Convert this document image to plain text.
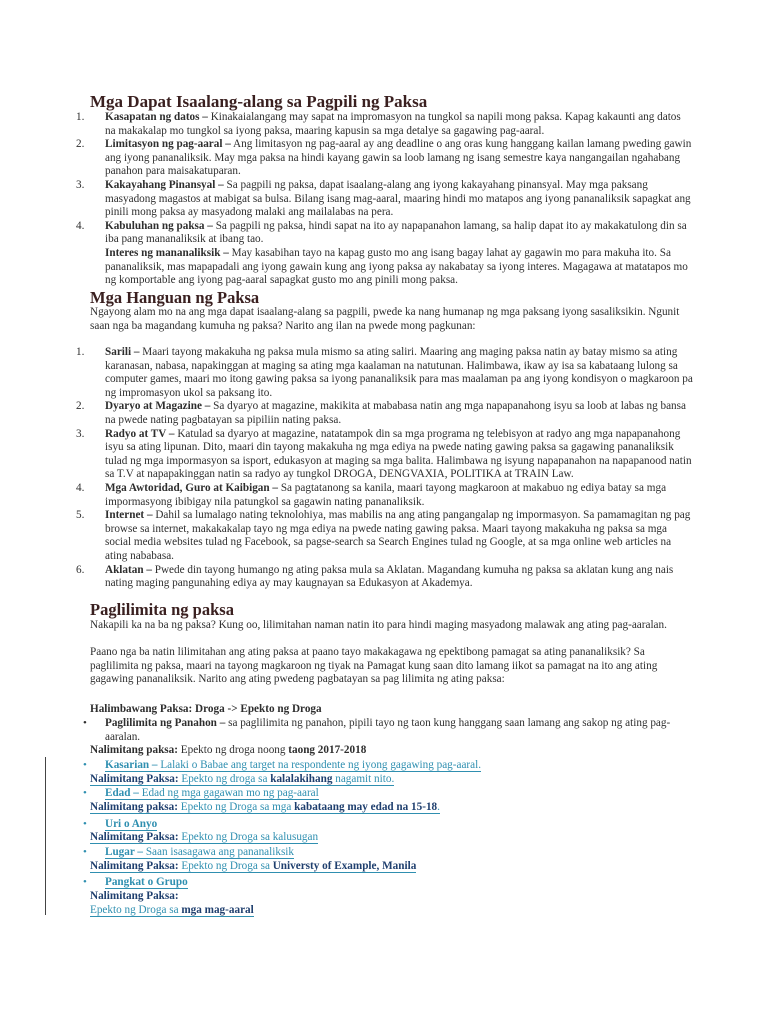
Mga Dapat Isaalang-alang sa Pagpili ng Paksa
1.	Kasapatan ng datos – Kinakaialangang may sapat na impromasyon na tungkol sa napili mong paksa. Kapag kakaunti ang datos na makakalap mo tungkol sa iyong paksa, maaring kapusin sa mga detalye sa gagawing pag-aaral.
2.	Limitasyon ng pag-aaral – Ang limitasyon ng pag-aaral ay ang deadline o ang oras kung hanggang kailan lamang pweding gawin ang iyong pananaliksik. May mga paksa na hindi kayang gawin sa loob lamang ng isang semestre kaya nangangailan ngahabang panahon para maisakatuparan.
3.	Kakayahang Pinansyal – Sa pagpili ng paksa, dapat isaalang-alang ang iyong kakayahang pinansyal. May mga paksang masyadong magastos at mabigat sa bulsa. Bilang isang mag-aaral, maaring hindi mo matapos ang iyong pananaliksik sapagkat ang pinili mong paksa ay masyadong malaki ang mailalabas na pera.
4.	Kabuluhan ng paksa – Sa pagpili ng paksa, hindi sapat na ito ay napapanahon lamang, sa halip dapat ito ay makakatulong din sa iba pang mananaliksik at ibang tao.
Interes ng mananaliksik – May kasabihan tayo na kapag gusto mo ang isang bagay lahat ay gagawin mo para makuha ito. Sa pananaliksik, mas mapapadali ang iyong gawain kung ang iyong paksa ay nakabatay sa iyong interes. Magagawa at matatapos mo ng komportable ang iyong pag-aaral sapagkat gusto mo ang pinili mong paksa.
Mga Hanguan ng Paksa

Ngayong alam mo na ang mga dapat isaalang-alang sa pagpili, pwede ka nang humanap ng mga paksang iyong sasaliksikin. Ngunit saan nga ba magandang kumuha ng paksa? Narito ang ilan na pwede mong pagkunan:

1.	Sarili – Maari tayong makakuha ng paksa mula mismo sa ating saliri. Maaring ang maging paksa natin ay batay mismo sa ating karanasan, nabasa, napakinggan at maging sa ating mga kaalaman na natutunan. Halimbawa, ikaw ay isa sa kabataang lulong sa computer games, maari mo itong gawing paksa sa iyong pananaliksik para mas maalaman pa ang iyong kondisyon o magkaroon pa ng impromasyon ukol sa paksang ito.
2.	Dyaryo at Magazine – Sa dyaryo at magazine, makikita at mababasa natin ang mga napapanahong isyu sa loob at labas ng bansa na pwede nating pagbatayan sa pipiliin nating paksa.
3.	Radyo at TV – Katulad sa dyaryo at magazine, natatampok din sa mga programa ng telebisyon at radyo ang mga napapanahong isyu sa ating lipunan. Dito, maari din tayong makakuha ng mga ediya na pwede nating gawing paksa sa gagawing pananaliksik tulad ng mga impormasyon sa isport, edukasyon at maging sa mga balita. Halimbawa ng isyung napapanahon na napapanood natin sa T.V at napapakinggan natin sa radyo ay tungkol DROGA, DENGVAXIA, POLITIKA at TRAIN Law.
4.	Mga Awtoridad, Guro at Kaibigan – Sa pagtatanong sa kanila, maari tayong magkaroon at makabuo ng ediya batay sa mga impormasyong ibibigay nila patungkol sa gagawin nating pananaliksik.
5.	Internet – Dahil sa lumalago nating teknolohiya, mas mabilis na ang ating pangangalap ng impormasyon. Sa pamamagitan ng pag browse sa internet, makakakalap tayo ng mga ediya na pwede nating gawing paksa. Maari tayong makakuha ng paksa sa mga social media websites tulad ng Facebook, sa pagse-search sa Search Engines tulad ng Google, at sa mga online web articles na ating nababasa.
6.	Aklatan – Pwede din tayong humango ng ating paksa mula sa Aklatan. Magandang kumuha ng paksa sa aklatan kung ang nais nating maging pangunahing ediya ay may kaugnayan sa Edukasyon at Akademya.
Paglilimita ng paksa

Nakapili ka na ba ng paksa? Kung oo, lilimitahan naman natin ito para hindi maging masyadong malawak ang ating pag-aaralan.

Paano nga ba natin lilimitahan ang ating paksa at paano tayo makakagawa ng epektibong pamagat sa ating pananaliksik? Sa paglilimita ng paksa, maari na tayong magkaroon ng tiyak na Pamagat kung saan dito lamang iikot sa pamagat na ito ang ating gagawing pananaliksik. Narito ang ating pwedeng pagbatayan sa pag lilimita ng ating paksa:

Halimbawang Paksa: Droga -> Epekto ng Droga
•	Paglilimita ng Panahon – sa paglilimita ng panahon, pipili tayo ng taon kung hanggang saan lamang ang sakop ng ating pag-aaralan.
Nalimitang paksa: Epekto ng droga noong taong 2017-2018
•	Kasarian – Lalaki o Babae ang target na respondente ng iyong gagawing pag-aaral.
Nalimitang Paksa: Epekto ng droga sa kalalakihang nagamit nito.
•	Edad – Edad ng mga gagawan mo ng pag-aaral
Nalimitang paksa: Epekto ng Droga sa mga kabataang may edad na 15-18.
•	Uri o Anyo
Nalimitang Paksa: Epekto ng Droga sa kalusugan
•	Lugar – Saan isasagawa ang pananaliksik
Nalimitang Paksa: Epekto ng Droga sa Universty of Example, Manila
•	Pangkat o Grupo
Nalimitang Paksa:
Epekto ng Droga sa mga mag-aaral
